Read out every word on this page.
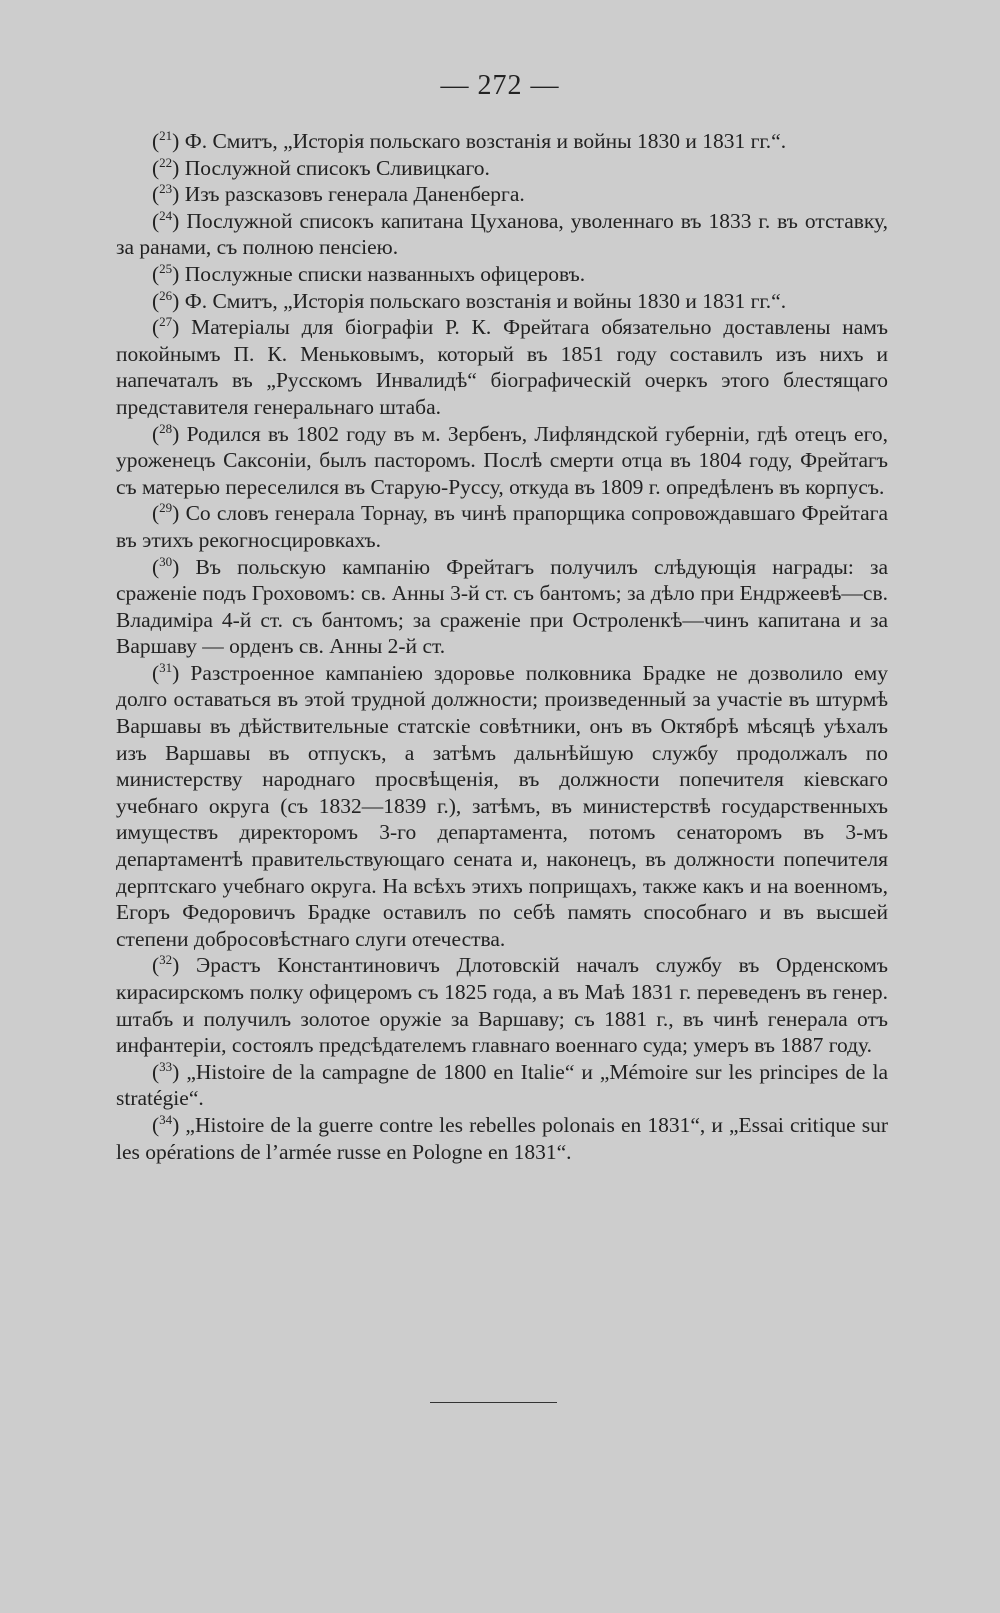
— 272 —

($^{21}$) Ф. Смитъ, „Исторія польскаго возстанія и войны 1830 и 1831 гг.“.

($^{22}$) Послужной списокъ Сливицкаго.

($^{23}$) Изъ разсказовъ генерала Даненберга.

($^{24}$) Послужной списокъ капитана Цуханова, уволеннаго въ 1833 г. въ отставку, за ранами, съ полною пенсіею.

($^{25}$) Послужные списки названныхъ офицеровъ.

($^{26}$) Ф. Смитъ, „Исторія польскаго возстанія и войны 1830 и 1831 гг.“.

($^{27}$) Матеріалы для біографіи Р. К. Фрейтага обязательно доставлены намъ покойнымъ П. К. Меньковымъ, который въ 1851 году составилъ изъ нихъ и напечаталъ въ „Русскомъ Инвалидѣ“ біографическій очеркъ этого блестящаго представителя генеральнаго штаба.

($^{28}$) Родился въ 1802 году въ м. Зербенъ, Лифляндской губерніи, гдѣ отецъ его, уроженецъ Саксоніи, былъ пасторомъ. Послѣ смерти отца въ 1804 году, Фрейтагъ съ матерью переселился въ Старую-Руссу, откуда въ 1809 г. опредѣленъ въ корпусъ.

($^{29}$) Со словъ генерала Торнау, въ чинѣ прапорщика сопровождавшаго Фрейтага въ этихъ рекогносцировкахъ.

($^{30}$) Въ польскую кампанію Фрейтагъ получилъ слѣдующія награды: за сраженіе подъ Гроховомъ: св. Анны 3-й ст. съ бантомъ; за дѣло при Ендржеевѣ—св. Владиміра 4-й ст. съ бантомъ; за сраженіе при Остроленкѣ—чинъ капитана и за Варшаву — орденъ св. Анны 2-й ст.

($^{31}$) Разстроенное кампаніею здоровье полковника Брадке не дозволило ему долго оставаться въ этой трудной должности; произведенный за участіе въ штурмѣ Варшавы въ дѣйствительные статскіе совѣтники, онъ въ Октябрѣ мѣсяцѣ уѣхалъ изъ Варшавы въ отпускъ, а затѣмъ дальнѣйшую службу продолжалъ по министерству народнаго просвѣщенія, въ должности попечителя кіевскаго учебнаго округа (съ 1832—1839 г.), затѣмъ, въ министерствѣ государственныхъ имуществъ директоромъ 3-го департамента, потомъ сенаторомъ въ 3-мъ департаментѣ правительствующаго сената и, наконецъ, въ должности попечителя дерптскаго учебнаго округа. На всѣхъ этихъ поприщахъ, также какъ и на военномъ, Егоръ Федоровичъ Брадке оставилъ по себѣ память способнаго и въ высшей степени добросовѣстнаго слуги отечества.

($^{32}$) Эрастъ Константиновичъ Длотовскій началъ службу въ Орденскомъ кирасирскомъ полку офицеромъ съ 1825 года, а въ Маѣ 1831 г. переведенъ въ генер. штабъ и получилъ золотое оружіе за Варшаву; съ 1881 г., въ чинѣ генерала отъ инфантеріи, состоялъ предсѣдателемъ главнаго военнаго суда; умеръ въ 1887 году.

($^{33}$) „Histoire de la campagne de 1800 en Italie“ и „Mémoire sur les principes de la stratégie“.

($^{34}$) „Histoire de la guerre contre les rebelles polonais en 1831“, и „Essai critique sur les opérations de l’armée russe en Pologne en 1831“.
